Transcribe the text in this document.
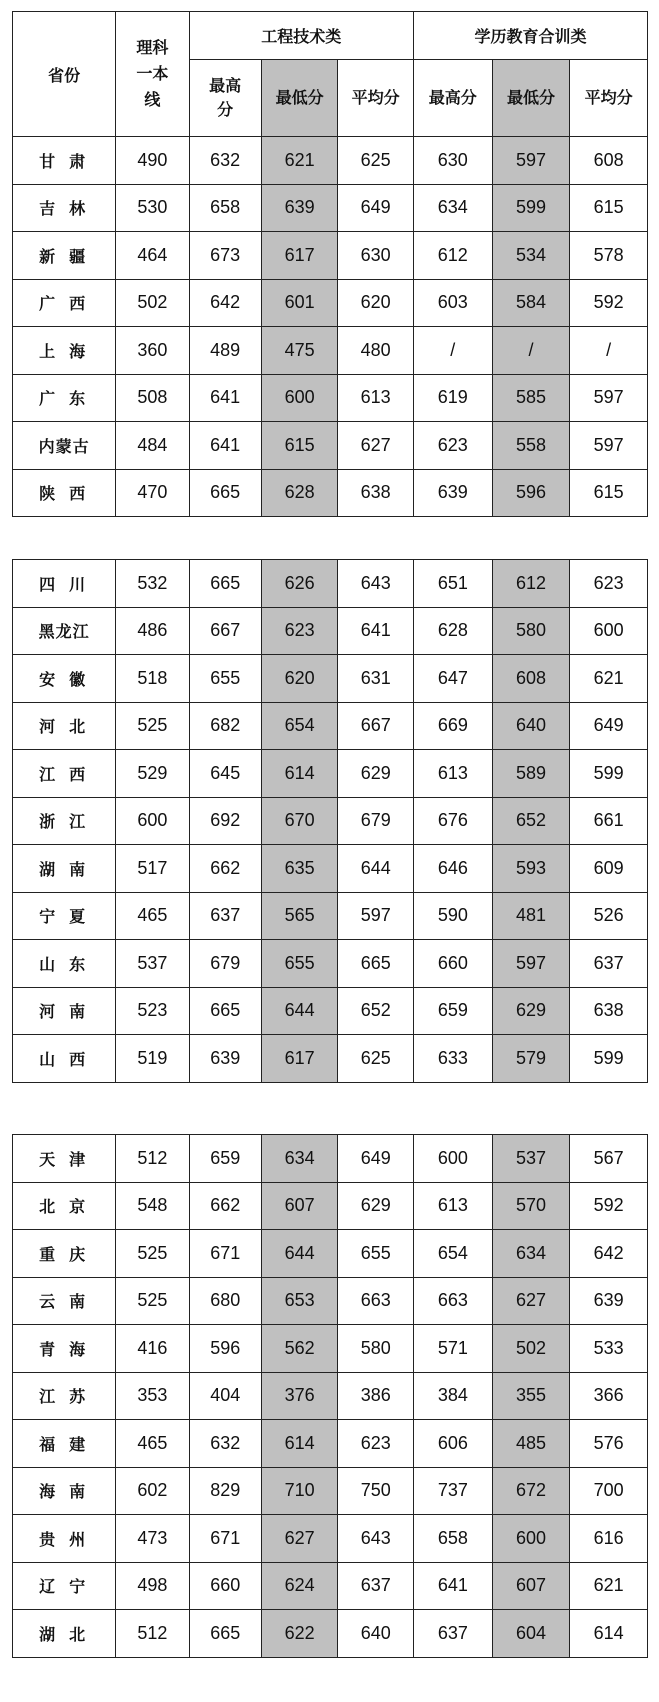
省份	理科一本线	工程技术类			学历教育合训类		

		最高分	最低分	平均分	最高分	最低分	平均分
甘肃	490	632	621	625	630	597	608
吉林	530	658	639	649	634	599	615
新疆	464	673	617	630	612	534	578
广西	502	642	601	620	603	584	592
上海	360	489	475	480	/	/	/
广东	508	641	600	613	619	585	597
内蒙古	484	641	615	627	623	558	597
陕西	470	665	628	638	639	596	615
四川	532	665	626	643	651	612	623
黑龙江	486	667	623	641	628	580	600
安徽	518	655	620	631	647	608	621
河北	525	682	654	667	669	640	649
江西	529	645	614	629	613	589	599
浙江	600	692	670	679	676	652	661
湖南	517	662	635	644	646	593	609
宁夏	465	637	565	597	590	481	526
山东	537	679	655	665	660	597	637
河南	523	665	644	652	659	629	638
山西	519	639	617	625	633	579	599
天津	512	659	634	649	600	537	567
北京	548	662	607	629	613	570	592
重庆	525	671	644	655	654	634	642
云南	525	680	653	663	663	627	639
青海	416	596	562	580	571	502	533
江苏	353	404	376	386	384	355	366
福建	465	632	614	623	606	485	576
海南	602	829	710	750	737	672	700
贵州	473	671	627	643	658	600	616
辽宁	498	660	624	637	641	607	621
湖北	512	665	622	640	637	604	614
